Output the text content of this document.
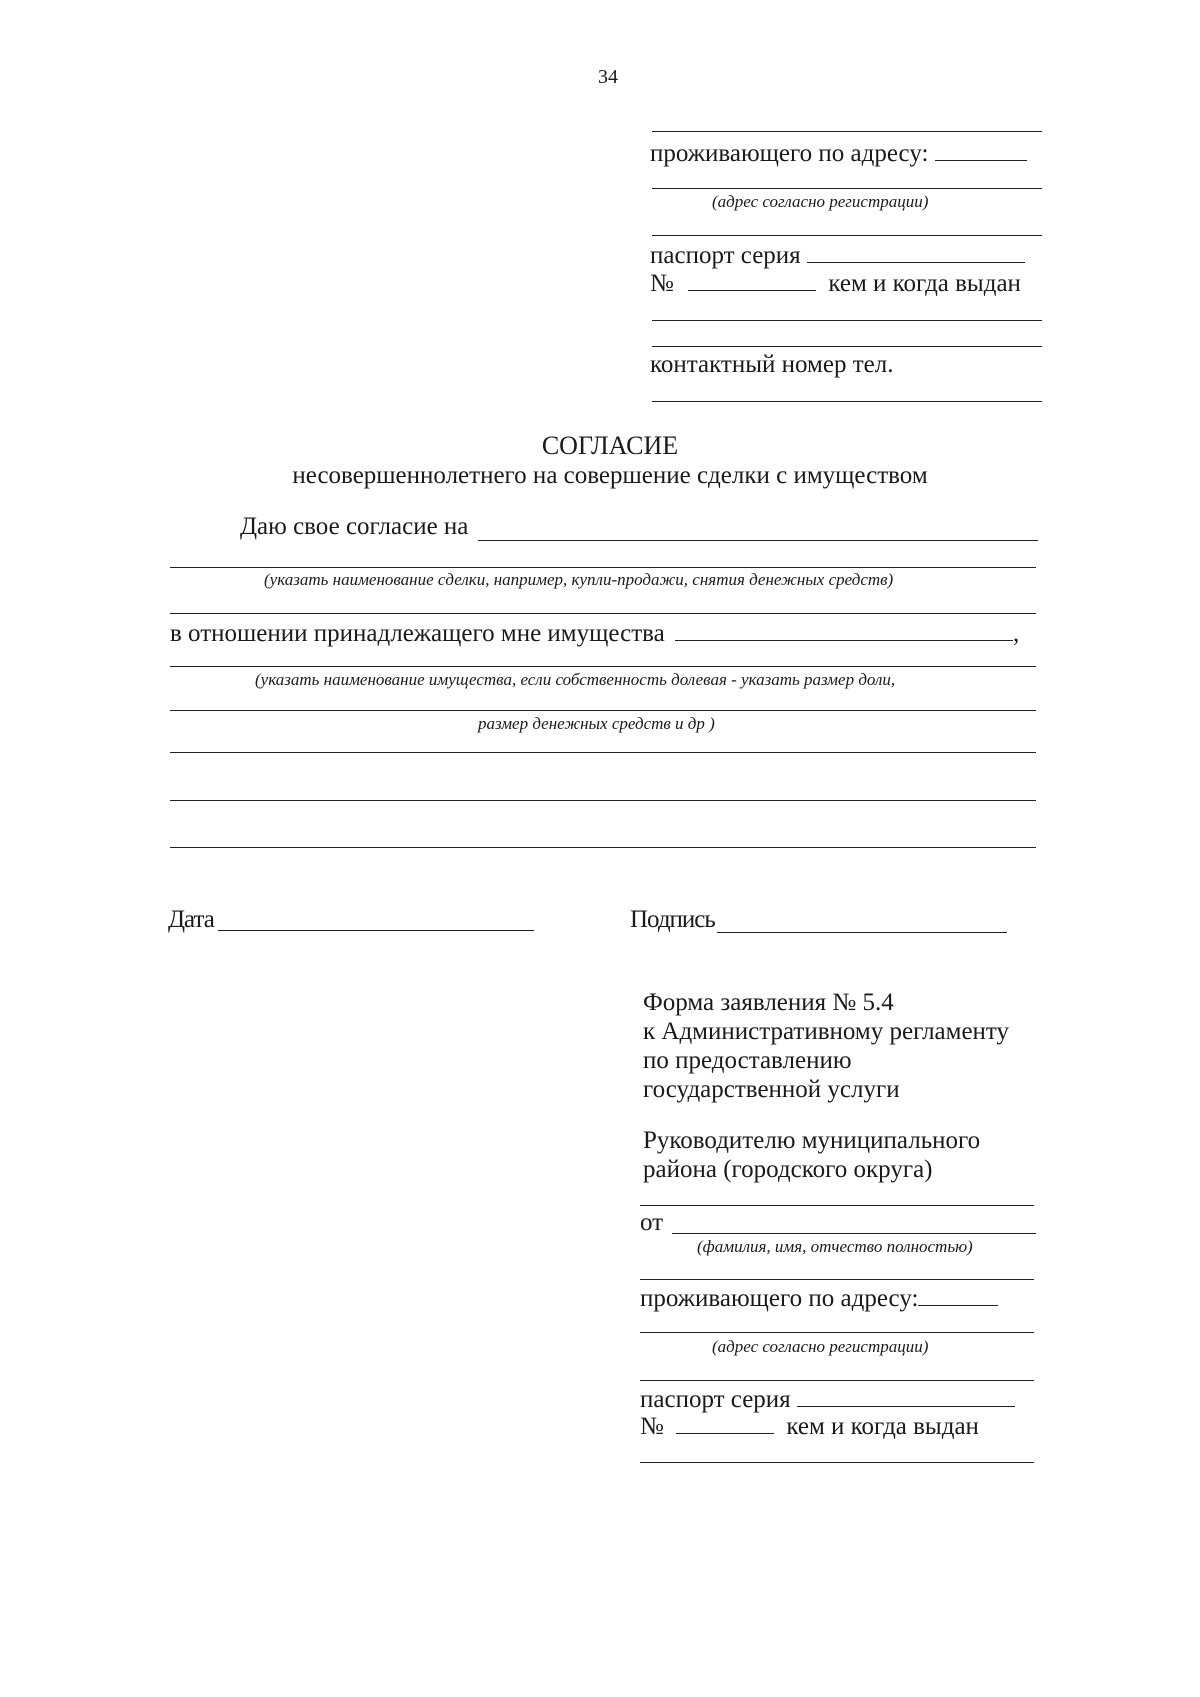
34
проживающего по адресу:
(адрес согласно регистрации)
паспорт серия
№	кем и когда выдан
контактный номер тел.
СОГЛАСИЕ
несовершеннолетнего на совершение сделки с имуществом
Даю свое согласие на
(указать наименование сделки, например, купли-продажи, снятия денежных средств)
в отношении принадлежащего мне имущества	,
(указать наименование имущества, если собственность долевая - указать размер доли,
размер денежных средств и др )
Дата	Подпись
Форма заявления № 5.4
к Административному регламенту
по предоставлению
государственной услуги
Руководителю муниципального
района (городского округа)
от
(фамилия, имя, отчество полностью)
проживающего по адресу:
(адрес согласно регистрации)
паспорт серия
№	кем и когда выдан
